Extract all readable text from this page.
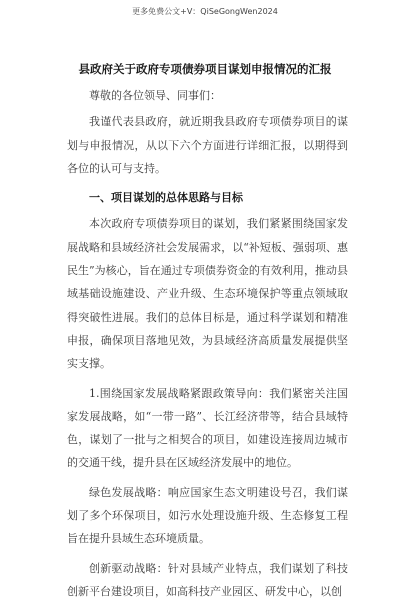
更多免费公文+V：QiSeGongWen2024
县政府关于政府专项债券项目谋划申报情况的汇报

尊敬的各位领导、同事们：

我谨代表县政府，就近期我县政府专项债券项目的谋划与申报情况，从以下六个方面进行详细汇报，以期得到各位的认可与支持。

一、项目谋划的总体思路与目标

本次政府专项债券项目的谋划，我们紧紧围绕国家发展战略和县域经济社会发展需求，以“补短板、强弱项、惠民生”为核心，旨在通过专项债券资金的有效利用，推动县域基础设施建设、产业升级、生态环境保护等重点领域取得突破性进展。我们的总体目标是，通过科学谋划和精准申报，确保项目落地见效，为县域经济高质量发展提供坚实支撑。

1.围绕国家发展战略紧跟政策导向：我们紧密关注国家发展战略，如“一带一路”、长江经济带等，结合县域特色，谋划了一批与之相契合的项目，如建设连接周边城市的交通干线，提升县在区域经济发展中的地位。

绿色发展战略：响应国家生态文明建设号召，我们谋划了多个环保项目，如污水处理设施升级、生态修复工程旨在提升县域生态环境质量。

创新驱动战略：针对县域产业特点，我们谋划了科技创新平台建设项目，如高科技产业园区、研发中心，以创
